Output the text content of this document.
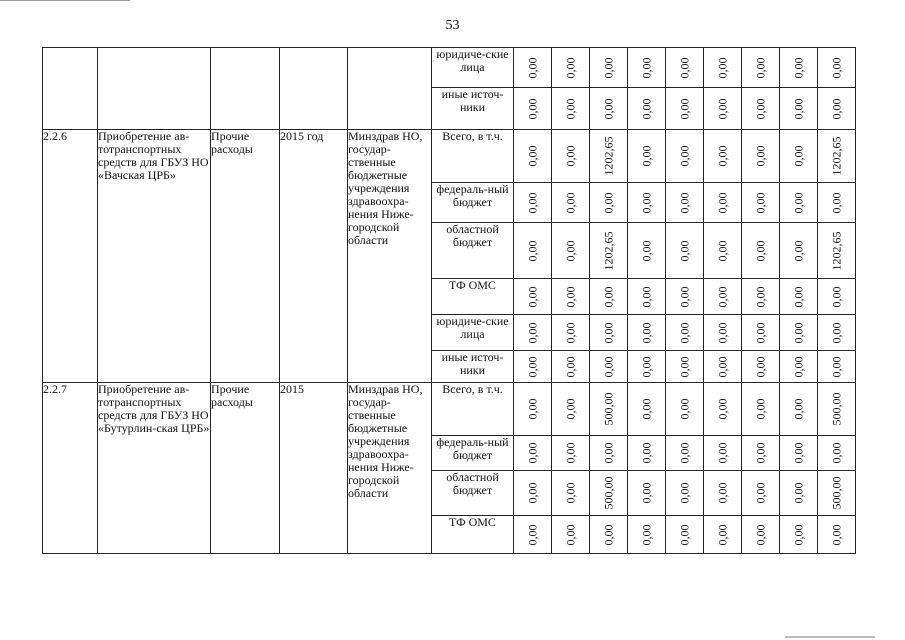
53
					юридиче-ские лица	0,00	0,00	0,00	0,00	0,00	0,00	0,00	0,00	0,00

					иные источ-ники	0,00	0,00	0,00	0,00	0,00	0,00	0,00	0,00	0,00

2.2.6	Приобретение ав-тотранспортных средств для ГБУЗ НО «Вачская ЦРБ»	Прочие расходы	2015 год	Минздрав НО, государ-ственные бюджетные учреждения здравоохра-нения Ниже-городской области	Всего, в т.ч.	0,00	0,00	1202,65	0,00	0,00	0,00	0,00	0,00	1202,65

					федераль-ный бюджет	0,00	0,00	0,00	0,00	0,00	0,00	0,00	0,00	0,00

					областной бюджет	0,00	0,00	1202,65	0,00	0,00	0,00	0,00	0,00	1202,65

					ТФ ОМС	0,00	0,00	0,00	0,00	0,00	0,00	0,00	0,00	0,00

					юридиче-ские лица	0,00	0,00	0,00	0,00	0,00	0,00	0,00	0,00	0,00

					иные источ-ники	0,00	0,00	0,00	0,00	0,00	0,00	0,00	0,00	0,00

2.2.7	Приобретение ав-тотранспортных средств для ГБУЗ НО «Бутурлин-ская ЦРБ»	Прочие расходы	2015	Минздрав НО, государ-ственные бюджетные учреждения здравоохра-нения Ниже-городской области	Всего, в т.ч.	0,00	0,00	500,00	0,00	0,00	0,00	0,00	0,00	500,00

					федераль-ный бюджет	0,00	0,00	0,00	0,00	0,00	0,00	0,00	0,00	0,00

					областной бюджет	0,00	0,00	500,00	0,00	0,00	0,00	0,00	0,00	500,00

					ТФ ОМС	0,00	0,00	0,00	0,00	0,00	0,00	0,00	0,00	0,00
